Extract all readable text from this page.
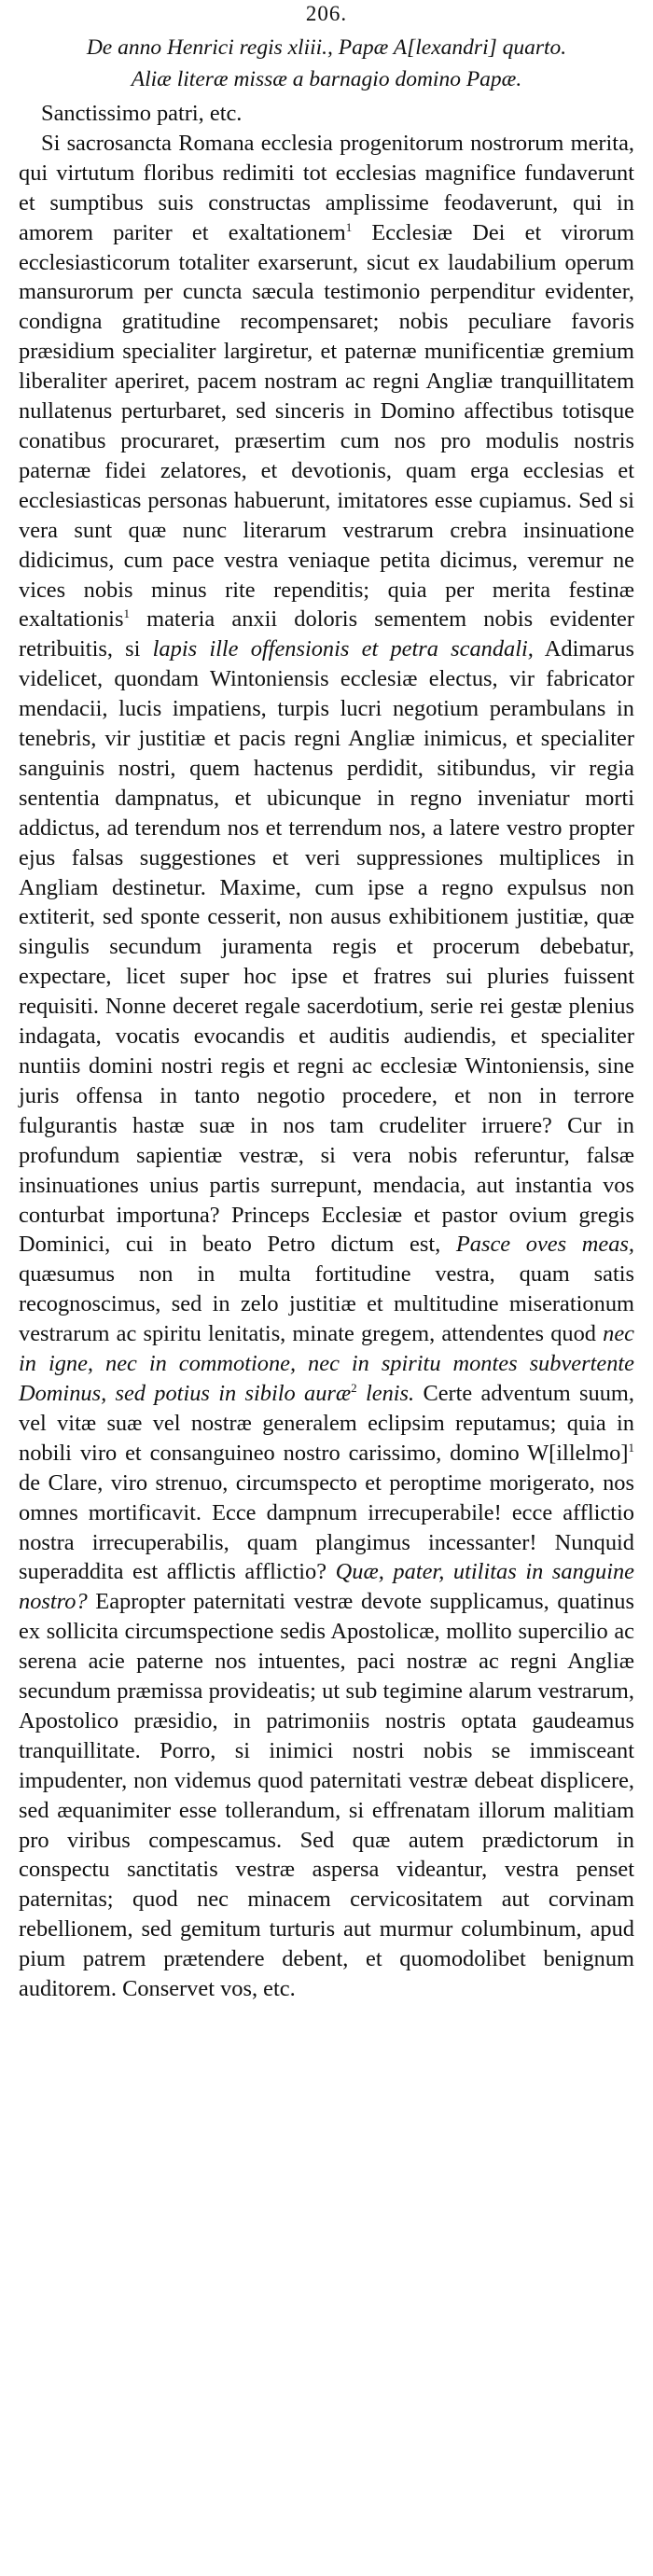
206.
De anno Henrici regis xliii., Papæ A[lexandri] quarto.
Aliæ literæ missæ a barnagio domino Papæ.

Sanctissimo patri, etc.

Si sacrosancta Romana ecclesia progenitorum nostrorum merita, qui virtutum floribus redimiti tot ecclesias magnifice fundaverunt et sumptibus suis constructas amplissime feodaverunt, qui in amorem pariter et exaltationem$^1$ Ecclesiæ Dei et virorum ecclesiasticorum totaliter exarserunt, sicut ex laudabilium operum mansurorum per cuncta sæcula testimonio perpenditur evidenter, condigna gratitudine recompensaret; nobis peculiare favoris præsidium specialiter largiretur, et paternæ munificentiæ gremium liberaliter aperiret, pacem nostram ac regni Angliæ tranquillitatem nullatenus perturbaret, sed sinceris in Domino affectibus totisque conatibus procuraret, præsertim cum nos pro modulis nostris paternæ fidei zelatores, et devotionis, quam erga ecclesias et ecclesiasticas personas habuerunt, imitatores esse cupiamus. Sed si vera sunt quæ nunc literarum vestrarum crebra insinuatione didicimus, cum pace vestra veniaque petita dicimus, veremur ne vices nobis minus rite rependitis; quia per merita festinæ exaltationis$^1$ materia anxii doloris sementem nobis evidenter retribuitis, si lapis ille offensionis et petra scandali, Adimarus videlicet, quondam Wintoniensis ecclesiæ electus, vir fabricator mendacii, lucis impatiens, turpis lucri negotium perambulans in tenebris, vir justitiæ et pacis regni Angliæ inimicus, et specialiter sanguinis nostri, quem hactenus perdidit, sitibundus, vir regia sententia dampnatus, et ubicunque in regno inveniatur morti addictus, ad terendum nos et terrendum nos, a latere vestro propter ejus falsas suggestiones et veri suppressiones multiplices in Angliam destinetur. Maxime, cum ipse a regno expulsus non extiterit, sed sponte cesserit, non ausus exhibitionem justitiæ, quæ singulis secundum juramenta regis et procerum debebatur, expectare, licet super hoc ipse et fratres sui pluries fuissent requisiti. Nonne deceret regale sacerdotium, serie rei gestæ plenius indagata, vocatis evocandis et auditis audiendis, et specialiter nuntiis domini nostri regis et regni ac ecclesiæ Wintoniensis, sine juris offensa in tanto negotio procedere, et non in terrore fulgurantis hastæ suæ in nos tam crudeliter irruere? Cur in profundum sapientiæ vestræ, si vera nobis referuntur, falsæ insinuationes unius partis surrepunt, mendacia, aut instantia vos conturbat importuna? Princeps Ecclesiæ et pastor ovium gregis Dominici, cui in beato Petro dictum est, Pasce oves meas, quæsumus non in multa fortitudine vestra, quam satis recognoscimus, sed in zelo justitiæ et multitudine miserationum vestrarum ac spiritu lenitatis, minate gregem, attendentes quod nec in igne, nec in commotione, nec in spiritu montes subvertente Dominus, sed potius in sibilo auræ$^2$ lenis. Certe adventum suum, vel vitæ suæ vel nostræ generalem eclipsim reputamus; quia in nobili viro et consanguineo nostro carissimo, domino W[illelmo]$^1$ de Clare, viro strenuo, circumspecto et peroptime morigerato, nos omnes mortificavit. Ecce dampnum irrecuperabile! ecce afflictio nostra irrecuperabilis, quam plangimus incessanter! Nunquid superaddita est afflictis afflictio? Quæ, pater, utilitas in sanguine nostro? Eapropter paternitati vestræ devote supplicamus, quatinus ex sollicita circumspectione sedis Apostolicæ, mollito supercilio ac serena acie paterne nos intuentes, paci nostræ ac regni Angliæ secundum præmissa provideatis; ut sub tegimine alarum vestrarum, Apostolico præsidio, in patrimoniis nostris optata gaudeamus tranquillitate. Porro, si inimici nostri nobis se immisceant impudenter, non videmus quod paternitati vestræ debeat displicere, sed æquanimiter esse tollerandum, si effrenatam illorum malitiam pro viribus compescamus. Sed quæ autem prædictorum in conspectu sanctitatis vestræ aspersa videantur, vestra penset paternitas; quod nec minacem cervicositatem aut corvinam rebellionem, sed gemitum turturis aut murmur columbinum, apud pium patrem prætendere debent, et quomodolibet benignum auditorem. Conservet vos, etc.
